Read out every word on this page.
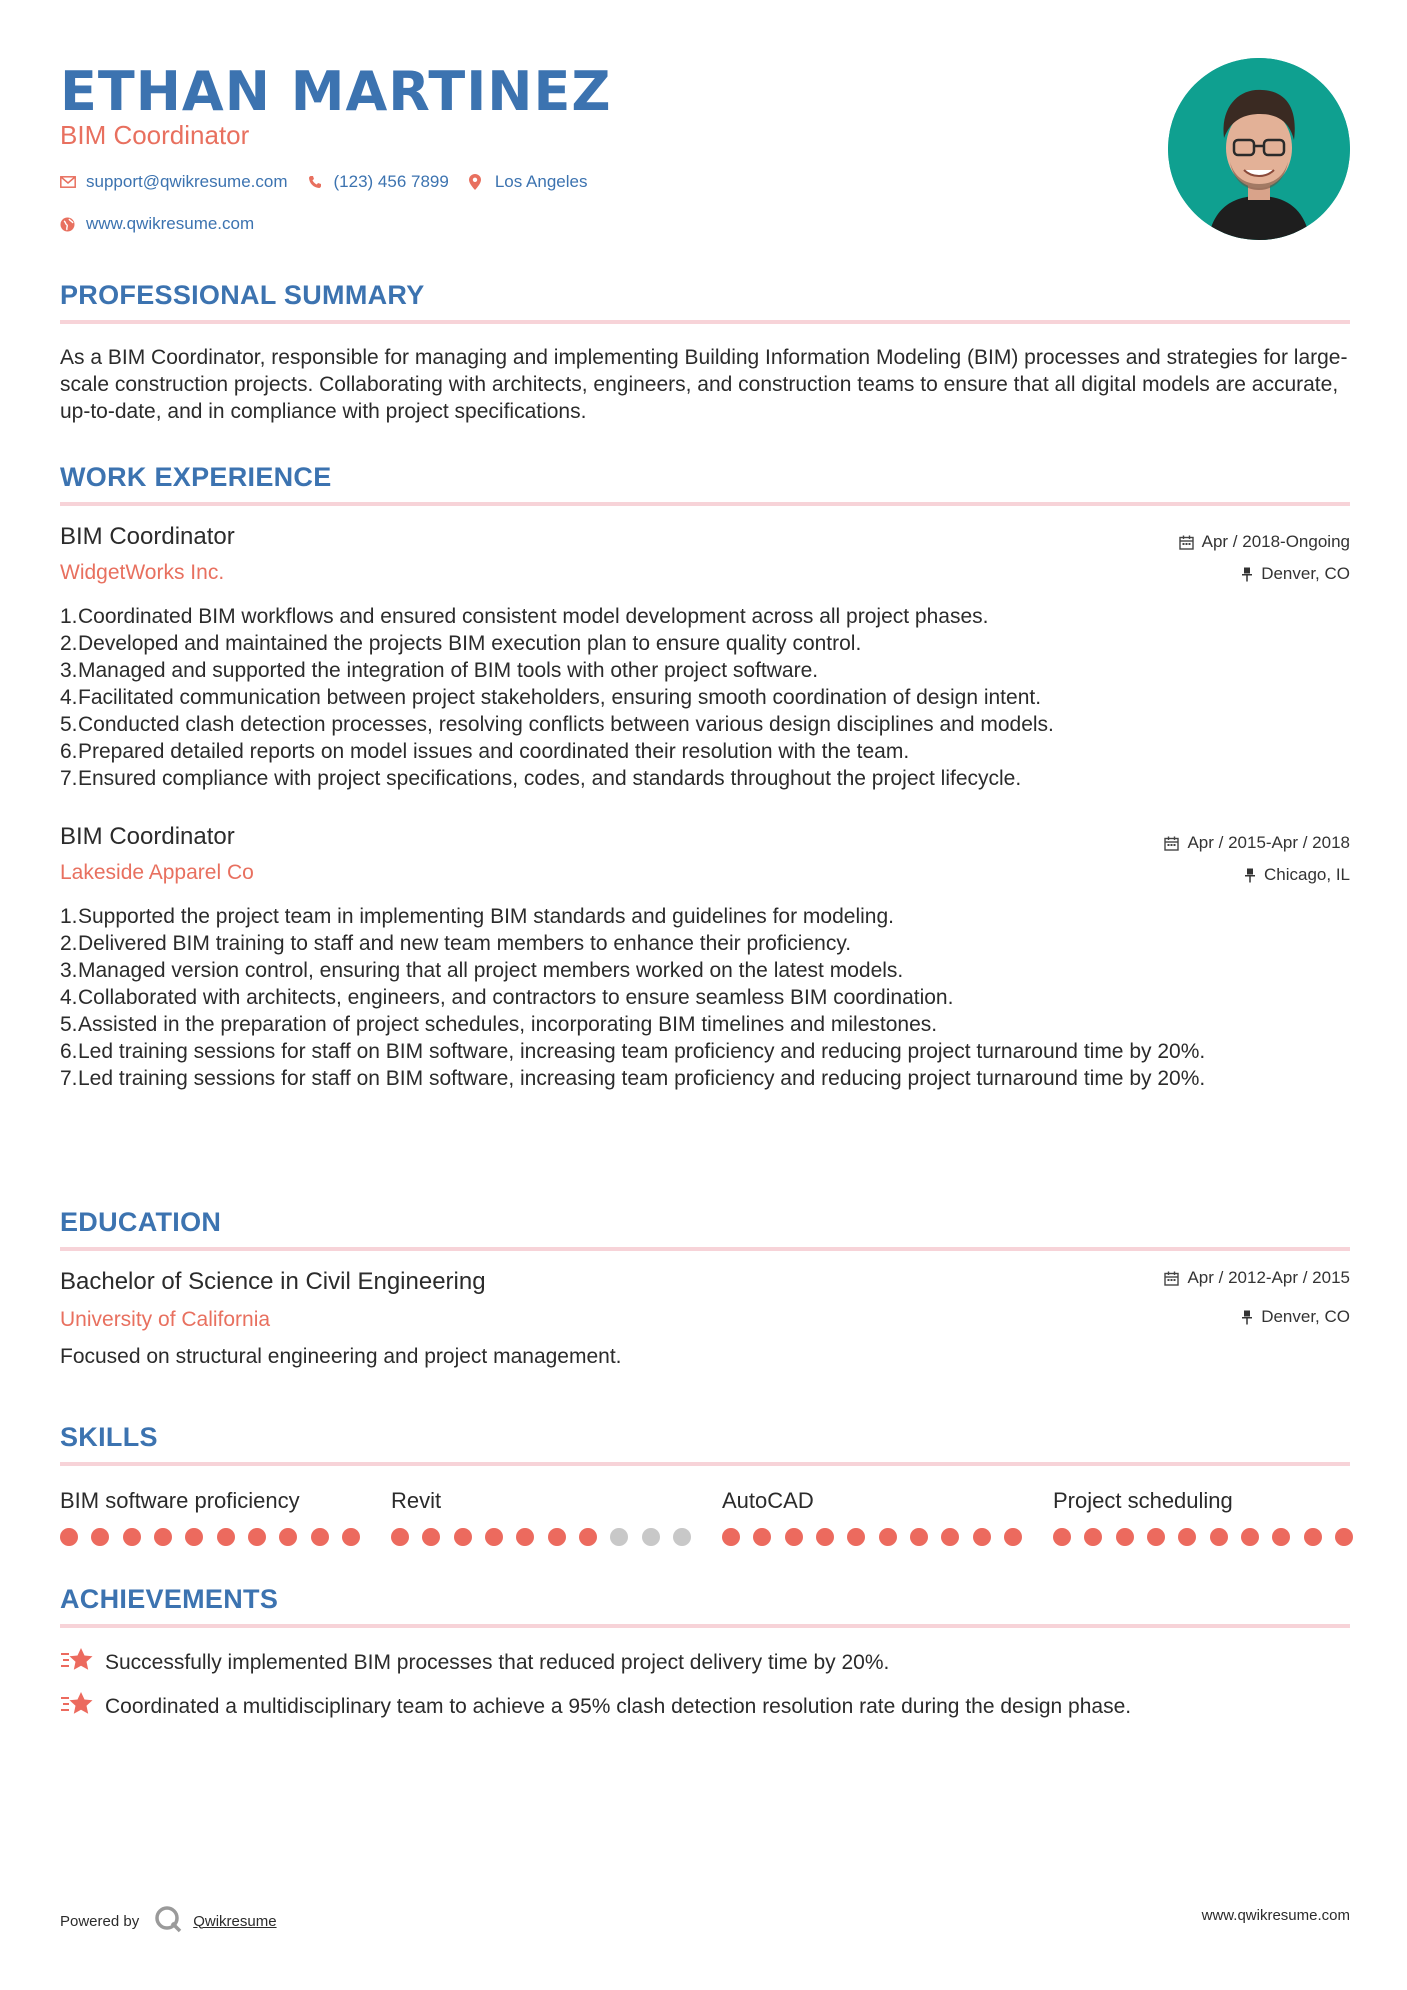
ETHAN MARTINEZ
BIM Coordinator
support@qwikresume.com	(123) 456 7899	Los Angeles
www.qwikresume.com
PROFESSIONAL SUMMARY
As a BIM Coordinator, responsible for managing and implementing Building Information Modeling (BIM) processes and strategies for large-scale construction projects. Collaborating with architects, engineers, and construction teams to ensure that all digital models are accurate, up-to-date, and in compliance with project specifications.
WORK EXPERIENCE
BIM Coordinator
WidgetWorks Inc.
Apr / 2018-Ongoing
Denver, CO
1. Coordinated BIM workflows and ensured consistent model development across all project phases.
2. Developed and maintained the projects BIM execution plan to ensure quality control.
3. Managed and supported the integration of BIM tools with other project software.
4. Facilitated communication between project stakeholders, ensuring smooth coordination of design intent.
5. Conducted clash detection processes, resolving conflicts between various design disciplines and models.
6. Prepared detailed reports on model issues and coordinated their resolution with the team.
7. Ensured compliance with project specifications, codes, and standards throughout the project lifecycle.
BIM Coordinator
Lakeside Apparel Co
Apr / 2015-Apr / 2018
Chicago, IL
1. Supported the project team in implementing BIM standards and guidelines for modeling.
2. Delivered BIM training to staff and new team members to enhance their proficiency.
3. Managed version control, ensuring that all project members worked on the latest models.
4. Collaborated with architects, engineers, and contractors to ensure seamless BIM coordination.
5. Assisted in the preparation of project schedules, incorporating BIM timelines and milestones.
6. Led training sessions for staff on BIM software, increasing team proficiency and reducing project turnaround time by 20%.
7. Led training sessions for staff on BIM software, increasing team proficiency and reducing project turnaround time by 20%.
EDUCATION
Bachelor of Science in Civil Engineering
University of California
Apr / 2012-Apr / 2015
Denver, CO
Focused on structural engineering and project management.
SKILLS
BIM software proficiency	Revit	AutoCAD	Project scheduling
ACHIEVEMENTS
Successfully implemented BIM processes that reduced project delivery time by 20%.
Coordinated a multidisciplinary team to achieve a 95% clash detection resolution rate during the design phase.
Powered by	Qwikresume	www.qwikresume.com
